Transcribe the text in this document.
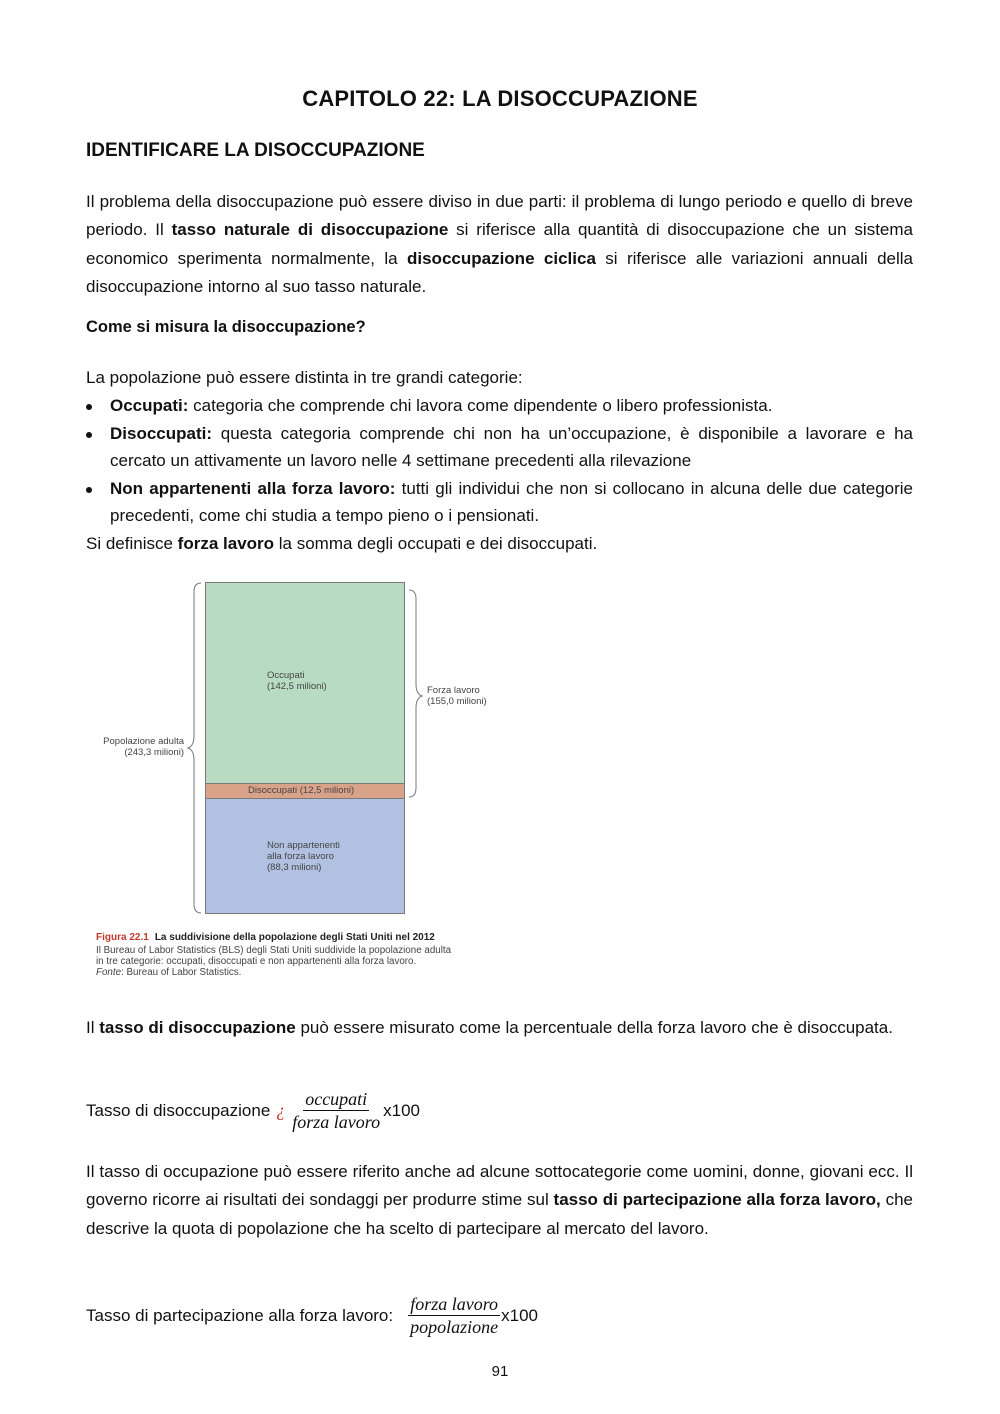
CAPITOLO 22: LA DISOCCUPAZIONE
IDENTIFICARE LA DISOCCUPAZIONE

Il problema della disoccupazione può essere diviso in due parti: il problema di lungo periodo e quello di breve periodo. Il tasso naturale di disoccupazione si riferisce alla quantità di disoccupazione che un sistema economico sperimenta normalmente, la disoccupazione ciclica si riferisce alle variazioni annuali della disoccupazione intorno al suo tasso naturale.

Come si misura la disoccupazione?

La popolazione può essere distinta in tre grandi categorie:

Occupati: categoria che comprende chi lavora come dipendente o libero professionista.
Disoccupati: questa categoria comprende chi non ha un’occupazione, è disponibile a lavorare e ha cercato un attivamente un lavoro nelle 4 settimane precedenti alla rilevazione
Non appartenenti alla forza lavoro: tutti gli individui che non si collocano in alcuna delle due categorie precedenti, come chi studia a tempo pieno o i pensionati.

Si definisce forza lavoro la somma degli occupati e dei disoccupati.

Occupati
(142,5 milioni)
Disoccupati (12,5 milioni)
Non appartenenti
alla forza lavoro
(88,3 milioni)
Forza lavoro
(155,0 milioni)
Popolazione adulta
(243,3 milioni)
Figura 22.1 La suddivisione della popolazione degli Stati Uniti nel 2012
Il Bureau of Labor Statistics (BLS) degli Stati Uniti suddivide la popolazione adulta
in tre categorie: occupati, disoccupati e non appartenenti alla forza lavoro.
Fonte: Bureau of Labor Statistics.

Il tasso di disoccupazione può essere misurato come la percentuale della forza lavoro che è disoccupata.

Tasso di disoccupazione ¿ $\frac{\text{occupati}}{\text{forza lavoro}} x100$

Il tasso di occupazione può essere riferito anche ad alcune sottocategorie come uomini, donne, giovani ecc. Il governo ricorre ai risultati dei sondaggi per produrre stime sul tasso di partecipazione alla forza lavoro, che descrive la quota di popolazione che ha scelto di partecipare al mercato del lavoro.

Tasso di partecipazione alla forza lavoro: $\frac{\text{forza lavoro}}{\text{popolazione}} x100$
91
